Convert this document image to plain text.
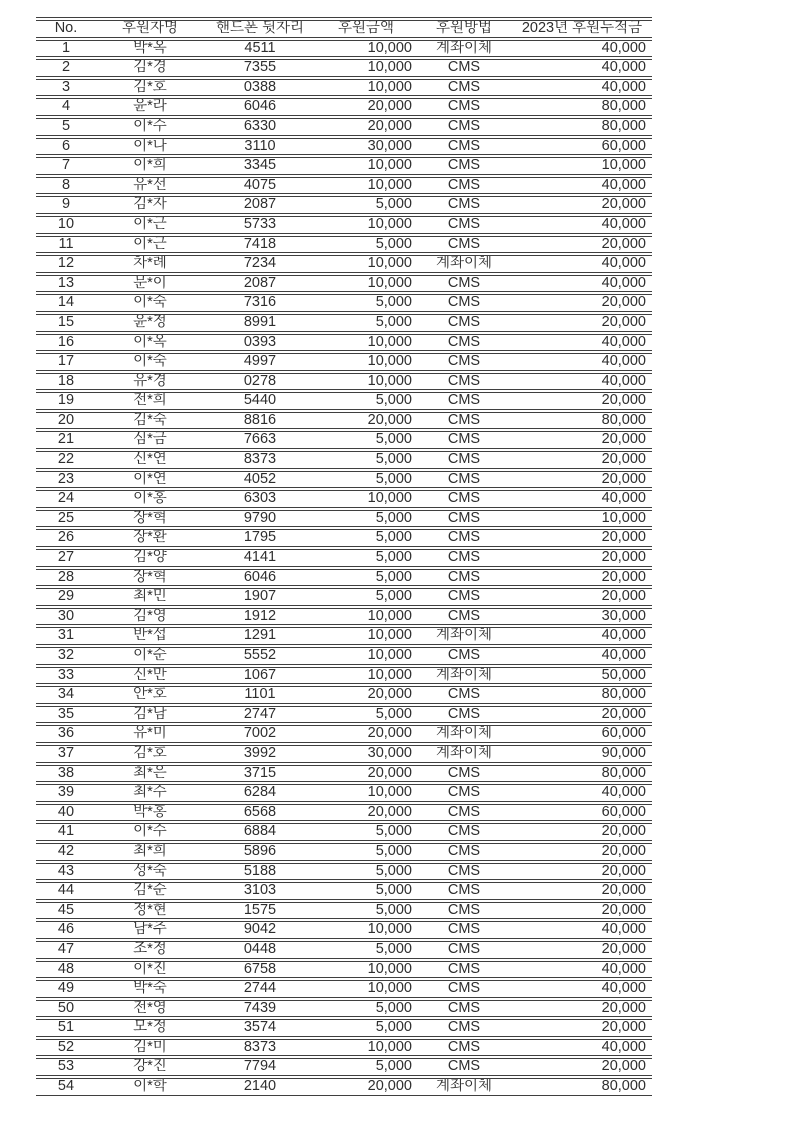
No.	후원자명	핸드폰 뒷자리	후원금액	후원방법	2023년 후원누적금
1	박*옥	4511	10,000	계좌이체	40,000
2	김*경	7355	10,000	CMS	40,000
3	김*호	0388	10,000	CMS	40,000
4	윤*라	6046	20,000	CMS	80,000
5	이*수	6330	20,000	CMS	80,000
6	이*나	3110	30,000	CMS	60,000
7	이*희	3345	10,000	CMS	10,000
8	유*선	4075	10,000	CMS	40,000
9	김*자	2087	5,000	CMS	20,000
10	이*근	5733	10,000	CMS	40,000
11	이*근	7418	5,000	CMS	20,000
12	차*례	7234	10,000	계좌이체	40,000
13	문*이	2087	10,000	CMS	40,000
14	이*숙	7316	5,000	CMS	20,000
15	윤*정	8991	5,000	CMS	20,000
16	이*옥	0393	10,000	CMS	40,000
17	이*숙	4997	10,000	CMS	40,000
18	유*경	0278	10,000	CMS	40,000
19	전*희	5440	5,000	CMS	20,000
20	김*숙	8816	20,000	CMS	80,000
21	심*금	7663	5,000	CMS	20,000
22	신*연	8373	5,000	CMS	20,000
23	이*연	4052	5,000	CMS	20,000
24	이*홍	6303	10,000	CMS	40,000
25	장*혁	9790	5,000	CMS	10,000
26	장*환	1795	5,000	CMS	20,000
27	김*양	4141	5,000	CMS	20,000
28	장*혁	6046	5,000	CMS	20,000
29	최*민	1907	5,000	CMS	20,000
30	김*영	1912	10,000	CMS	30,000
31	반*섭	1291	10,000	계좌이체	40,000
32	이*순	5552	10,000	CMS	40,000
33	신*만	1067	10,000	계좌이체	50,000
34	안*호	1101	20,000	CMS	80,000
35	김*남	2747	5,000	CMS	20,000
36	유*미	7002	20,000	계좌이체	60,000
37	김*호	3992	30,000	계좌이체	90,000
38	최*은	3715	20,000	CMS	80,000
39	최*수	6284	10,000	CMS	40,000
40	박*홍	6568	20,000	CMS	60,000
41	이*수	6884	5,000	CMS	20,000
42	최*희	5896	5,000	CMS	20,000
43	성*숙	5188	5,000	CMS	20,000
44	김*순	3103	5,000	CMS	20,000
45	정*현	1575	5,000	CMS	20,000
46	남*주	9042	10,000	CMS	40,000
47	조*정	0448	5,000	CMS	20,000
48	이*진	6758	10,000	CMS	40,000
49	박*숙	2744	10,000	CMS	40,000
50	전*영	7439	5,000	CMS	20,000
51	모*정	3574	5,000	CMS	20,000
52	김*미	8373	10,000	CMS	40,000
53	강*진	7794	5,000	CMS	20,000
54	이*학	2140	20,000	계좌이체	80,000
